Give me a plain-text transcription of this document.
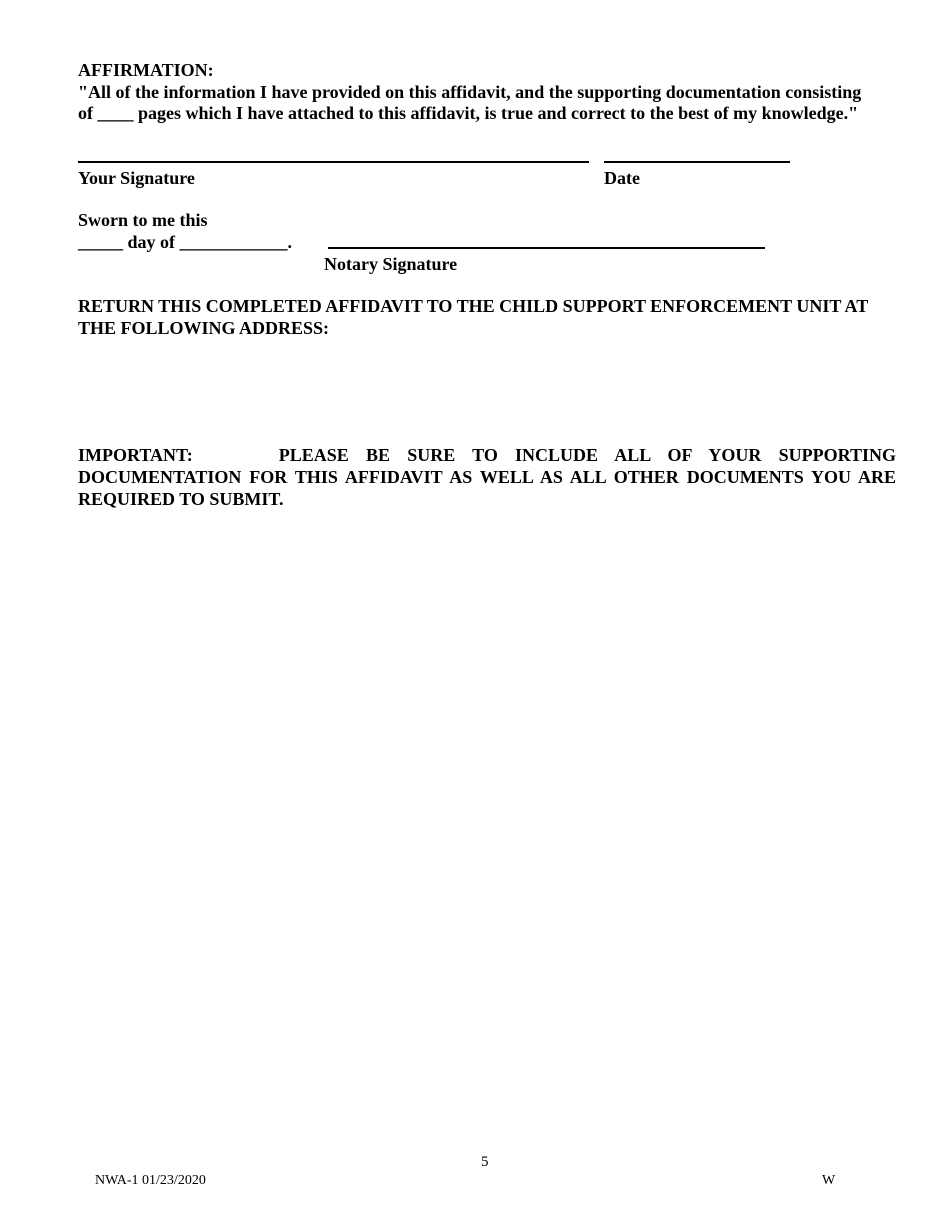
AFFIRMATION:
"All of the information I have provided on this affidavit, and the supporting documentation consisting
of ____ pages which I have attached to this affidavit, is true and correct to the best of my knowledge."
Your Signature	Date
Sworn to me this
_____ day of ____________.
Notary Signature
RETURN THIS COMPLETED AFFIDAVIT TO THE CHILD SUPPORT ENFORCEMENT UNIT AT
THE FOLLOWING ADDRESS:
IMPORTANT:     PLEASE BE SURE TO INCLUDE ALL OF YOUR SUPPORTING DOCUMENTATION FOR THIS AFFIDAVIT AS WELL AS ALL OTHER DOCUMENTS YOU ARE REQUIRED TO SUBMIT.
5
NWA-1 01/23/2020	W
